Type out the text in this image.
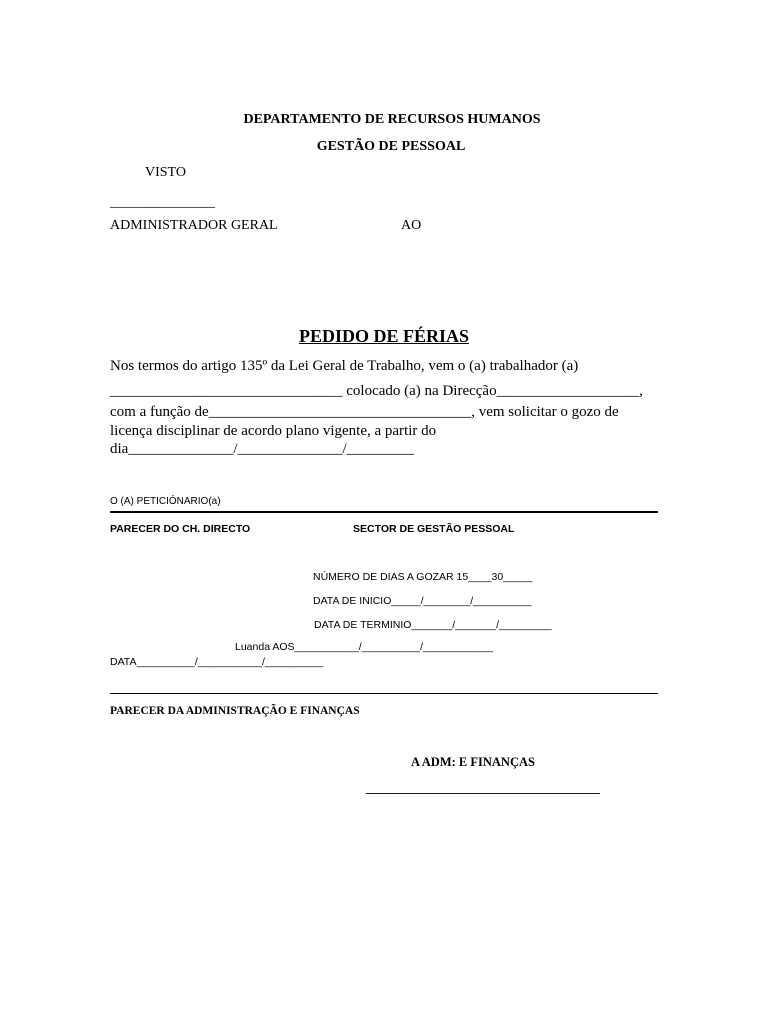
DEPARTAMENTO DE RECURSOS HUMANOS
GESTÃO DE PESSOAL
VISTO
_______________
ADMINISTRADOR GERAL	AO
PEDIDO DE FÉRIAS
Nos termos do artigo 135º da Lei Geral de Trabalho, vem o (a) trabalhador (a)
_______________________________ colocado (a) na Direcção___________________,
com a função de___________________________________, vem solicitar o gozo de
licença disciplinar de acordo plano vigente, a partir do
dia______________/______________/_________
O (A) PETICIÓNARIO(a)
PARECER DO CH. DIRECTO	SECTOR DE GESTÃO PESSOAL
NÚMERO DE DIAS A GOZAR 15____30_____
DATA DE INICIO_____/________/__________
DATA DE TERMINIO_______/_______/_________
Luanda AOS___________/__________/____________
DATA__________/___________/__________
PARECER DA ADMINISTRAÇÃO E FINANÇAS
A ADM: E FINANÇAS
____________________________________
